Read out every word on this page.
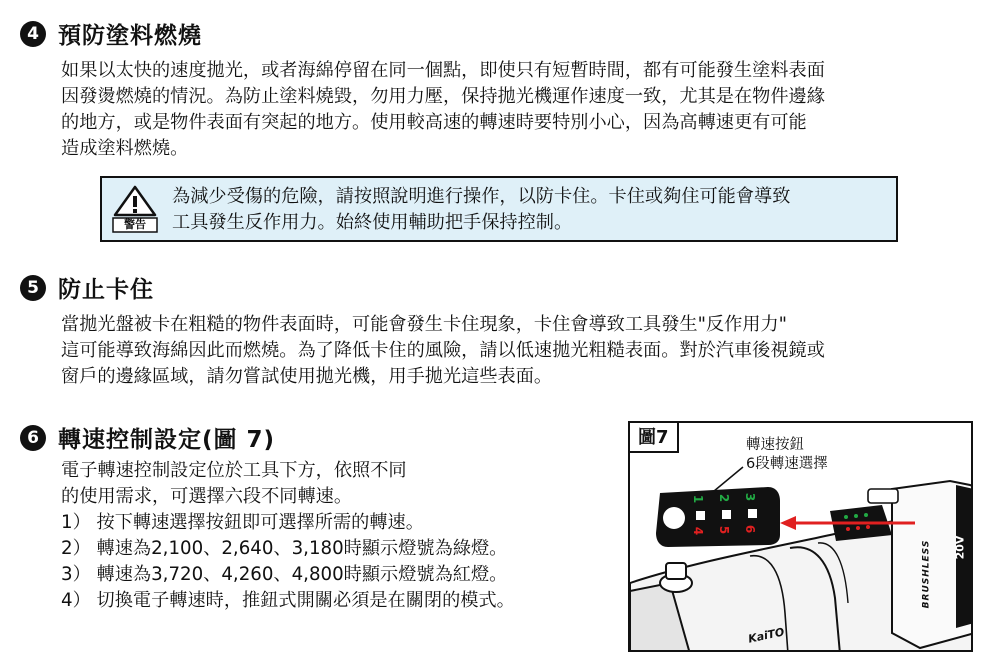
4 預防塗料燃燒
如果以太快的速度拋光，或者海綿停留在同一個點，即使只有短暫時間，都有可能發生塗料表面
因發燙燃燒的情況。為防止塗料燒毀，勿用力壓，保持拋光機運作速度一致，尤其是在物件邊緣
的地方，或是物件表面有突起的地方。使用較高速的轉速時要特別小心，因為高轉速更有可能
造成塗料燃燒。
警告
為減少受傷的危險，請按照說明進行操作，以防卡住。卡住或夠住可能會導致
工具發生反作用力。始終使用輔助把手保持控制。
5 防止卡住
當拋光盤被卡在粗糙的物件表面時，可能會發生卡住現象，卡住會導致工具發生"反作用力"
這可能導致海綿因此而燃燒。為了降低卡住的風險，請以低速拋光粗糙表面。對於汽車後視鏡或
窗戶的邊緣區域，請勿嘗試使用拋光機，用手拋光這些表面。
6 轉速控制設定(圖 7)
電子轉速控制設定位於工具下方，依照不同
的使用需求，可選擇六段不同轉速。
1） 按下轉速選擇按鈕即可選擇所需的轉速。
2） 轉速為2,100、2,640、3,180時顯示燈號為綠燈。
3） 轉速為3,720、4,260、4,800時顯示燈號為紅燈。
4） 切換電子轉速時，推鈕式開關必須是在關閉的模式。
圖7	轉速按鈕
6段轉速選擇
1 2 3
4 5 6
20V
BRUSHLESS
KaiTO
